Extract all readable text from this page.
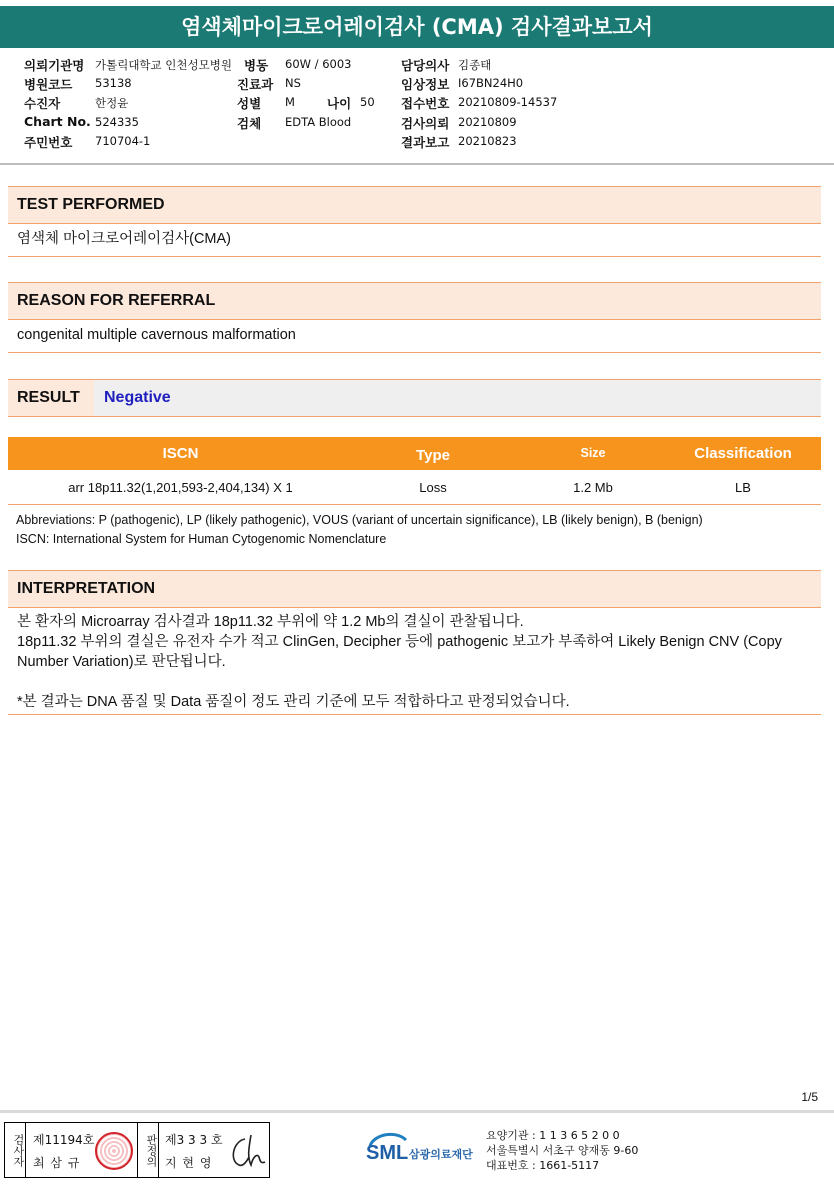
염색체마이크로어레이검사 (CMA) 검사결과보고서
의뢰기관명 가톨릭대학교 인천성모병원 병동 60W / 6003	담당의사 김종태
병원코드 53138	진료과 NS	임상정보 I67BN24H0
수진자	한정윤	성별 M	나이 50 접수번호 20210809-14537
Chart No. 524335	검체 EDTA Blood	검사의뢰 20210809
주민번호 710704-1	결과보고 20210823
TEST PERFORMED
염색체 마이크로어레이검사(CMA)
REASON FOR REFERRAL
congenital multiple cavernous malformation
RESULT	Negative
ISCN	Type	Size	Classification
arr 18p11.32(1,201,593-2,404,134) X 1	Loss	1.2 Mb	LB
Abbreviations: P (pathogenic), LP (likely pathogenic), VOUS (variant of uncertain significance), LB (likely benign), B (benign)
ISCN: International System for Human Cytogenomic Nomenclature
INTERPRETATION

본 환자의 Microarray 검사결과 18p11.32 부위에 약 1.2 Mb의 결실이 관찰됩니다.

18p11.32 부위의 결실은 유전자 수가 적고 ClinGen, Decipher 등에 pathogenic 보고가 부족하여 Likely Benign CNV (Copy Number Variation)로 판단됩니다.

*본 결과는 DNA 품질 및 Data 품질이 정도 관리 기준에 모두 적합하다고 판정되었습니다.

1/5
검사자 제11194호
최 삼 규	판정의 제3 3 3 호
지 현 영	SML 삼광의료재단
요양기관 : 1 1 3 6 5 2 0 0
서울특별시 서초구 양재동 9-60
대표번호 : 1661-5117
